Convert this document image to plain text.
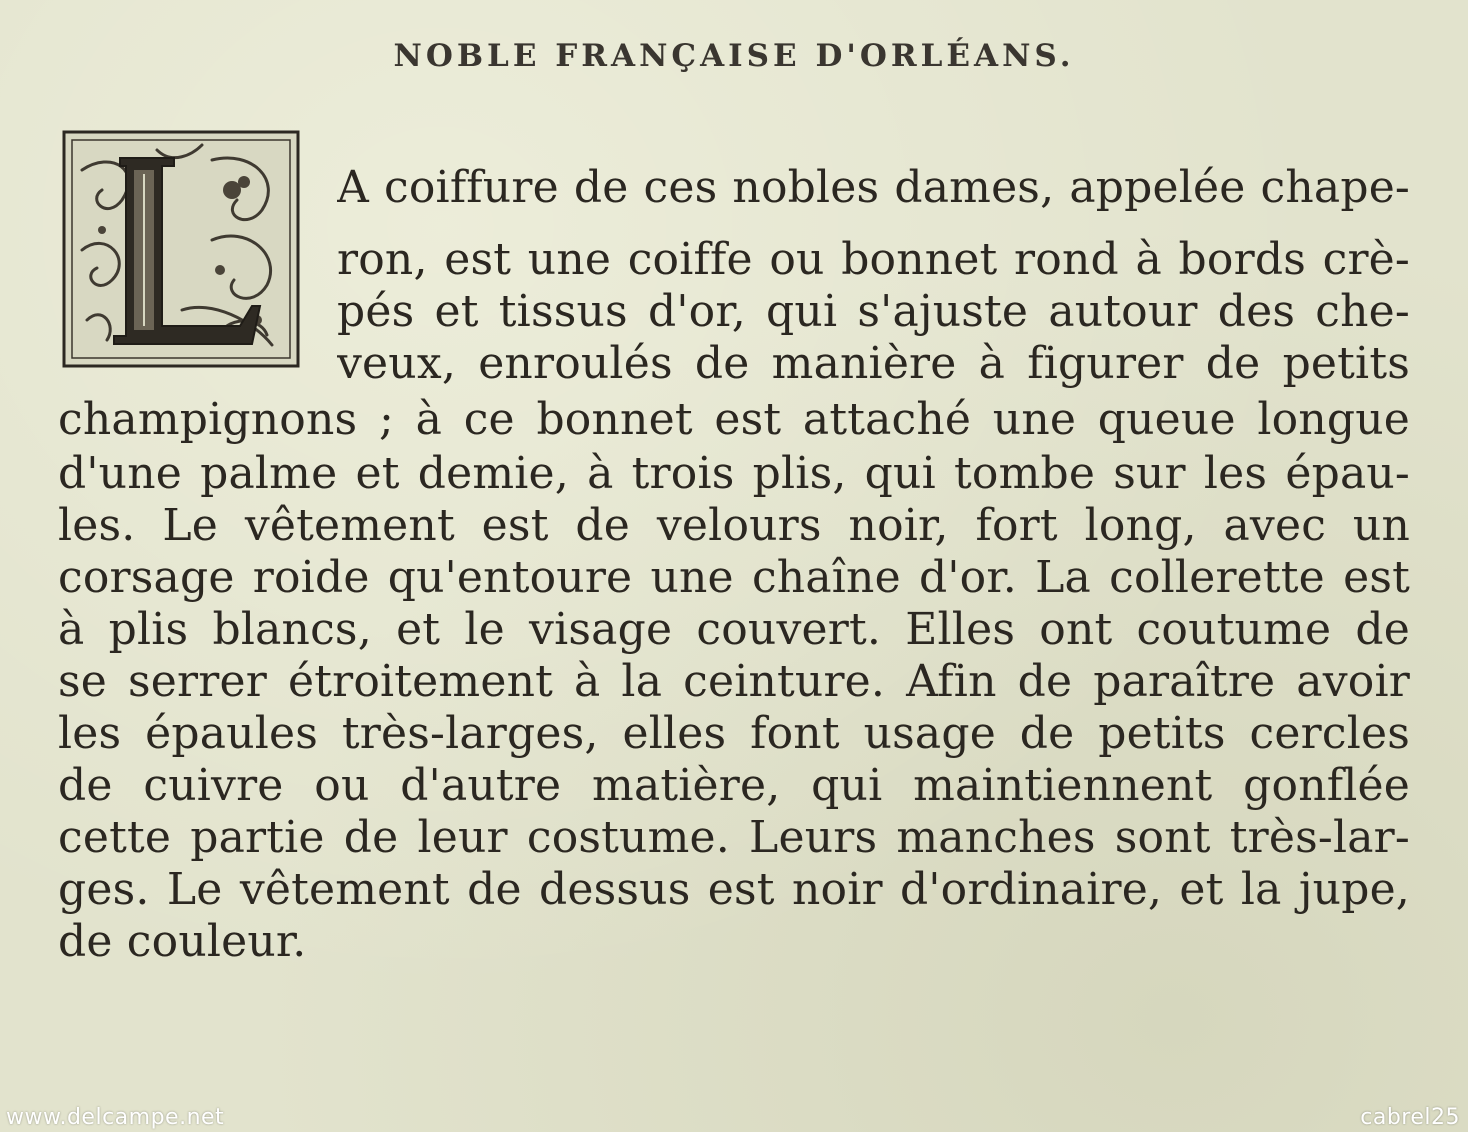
NOBLE FRANÇAISE D'ORLÉANS.

A coiffure de ces nobles dames, appelée chape-

ron, est une coiffe ou bonnet rond à bords crè-

pés et tissus d'or, qui s'ajuste autour des che-

veux, enroulés de manière à figurer de petits

champignons ; à ce bonnet est attaché une queue longue

d'une palme et demie, à trois plis, qui tombe sur les épau-

les. Le vêtement est de velours noir, fort long, avec un

corsage roide qu'entoure une chaîne d'or. La collerette est

à plis blancs, et le visage couvert. Elles ont coutume de

se serrer étroitement à la ceinture. Afin de paraître avoir

les épaules très-larges, elles font usage de petits cercles

de cuivre ou d'autre matière, qui maintiennent gonflée

cette partie de leur costume. Leurs manches sont très-lar-

ges. Le vêtement de dessus est noir d'ordinaire, et la jupe,

de couleur.

www.delcampe.net	cabrel25
